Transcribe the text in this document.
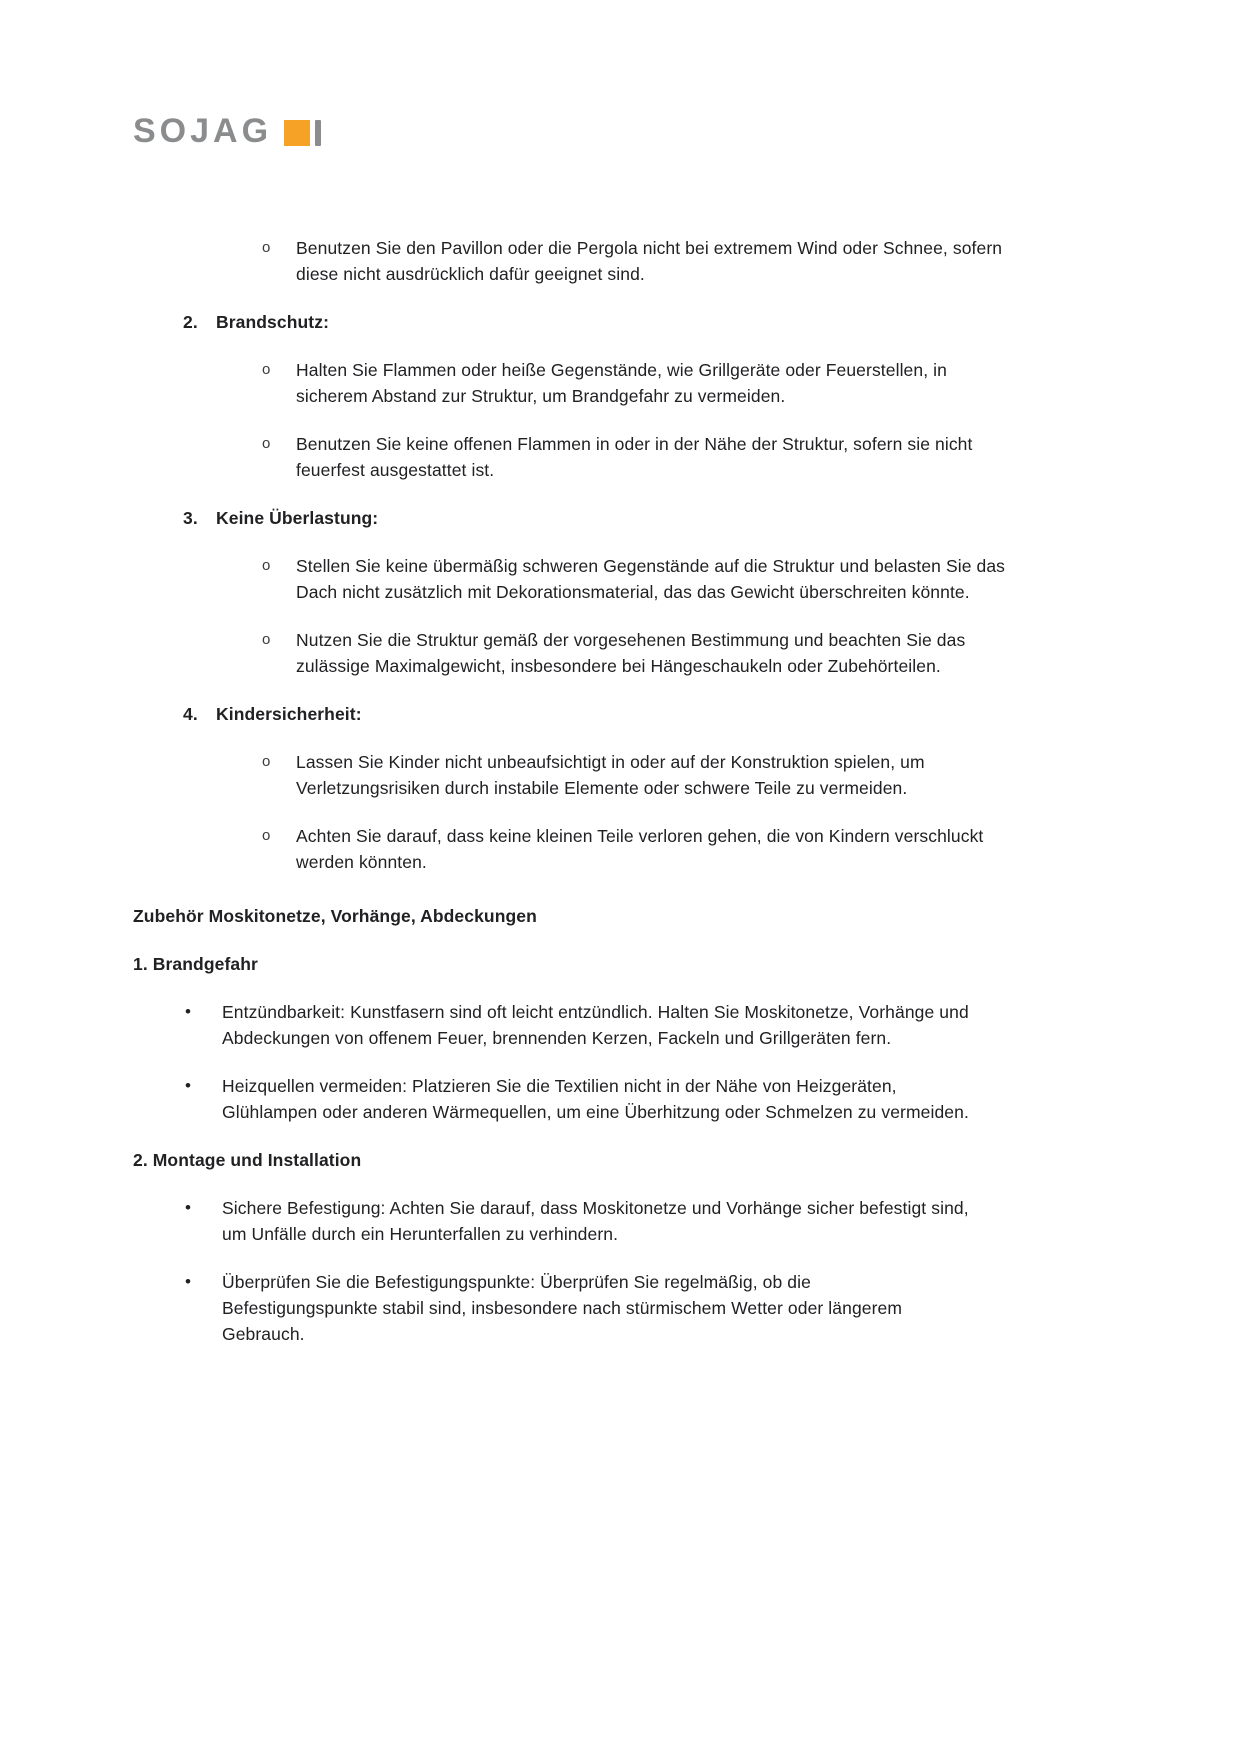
SOJAG

o	Benutzen Sie den Pavillon oder die Pergola nicht bei extremem Wind oder Schnee, sofern diese nicht ausdrücklich dafür geeignet sind.

2.	Brandschutz:

o	Halten Sie Flammen oder heiße Gegenstände, wie Grillgeräte oder Feuerstellen, in sicherem Abstand zur Struktur, um Brandgefahr zu vermeiden.

o	Benutzen Sie keine offenen Flammen in oder in der Nähe der Struktur, sofern sie nicht feuerfest ausgestattet ist.

3.	Keine Überlastung:

o	Stellen Sie keine übermäßig schweren Gegenstände auf die Struktur und belasten Sie das Dach nicht zusätzlich mit Dekorationsmaterial, das das Gewicht überschreiten könnte.

o	Nutzen Sie die Struktur gemäß der vorgesehenen Bestimmung und beachten Sie das zulässige Maximalgewicht, insbesondere bei Hängeschaukeln oder Zubehörteilen.

4.	Kindersicherheit:

o	Lassen Sie Kinder nicht unbeaufsichtigt in oder auf der Konstruktion spielen, um Verletzungsrisiken durch instabile Elemente oder schwere Teile zu vermeiden.

o	Achten Sie darauf, dass keine kleinen Teile verloren gehen, die von Kindern verschluckt werden könnten.

Zubehör Moskitonetze, Vorhänge, Abdeckungen
1. Brandgefahr

•	Entzündbarkeit: Kunstfasern sind oft leicht entzündlich. Halten Sie Moskitonetze, Vorhänge und Abdeckungen von offenem Feuer, brennenden Kerzen, Fackeln und Grillgeräten fern.

•	Heizquellen vermeiden: Platzieren Sie die Textilien nicht in der Nähe von Heizgeräten, Glühlampen oder anderen Wärmequellen, um eine Überhitzung oder Schmelzen zu vermeiden.

2. Montage und Installation

•	Sichere Befestigung: Achten Sie darauf, dass Moskitonetze und Vorhänge sicher befestigt sind, um Unfälle durch ein Herunterfallen zu verhindern.

•	Überprüfen Sie die Befestigungspunkte: Überprüfen Sie regelmäßig, ob die Befestigungspunkte stabil sind, insbesondere nach stürmischem Wetter oder längerem Gebrauch.
